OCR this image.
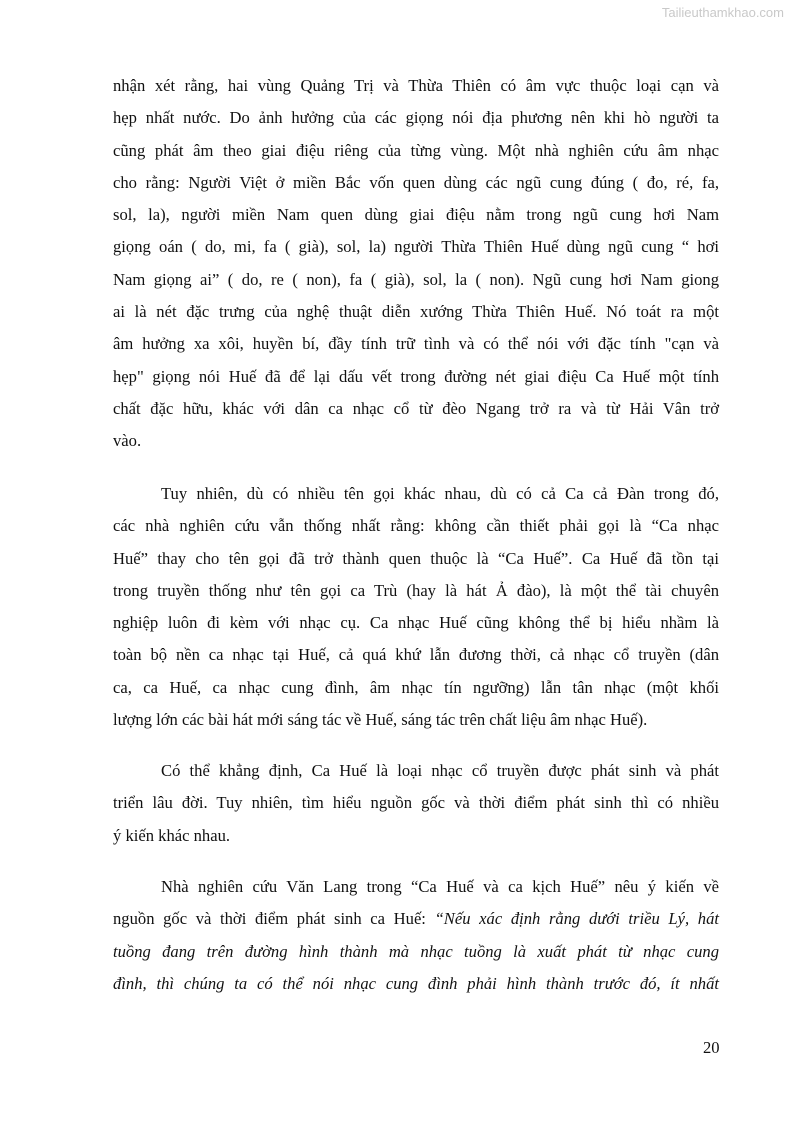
Tailieuthamkhao.com
nhận xét rằng, hai vùng Quảng Trị và Thừa Thiên có âm vực thuộc loại cạn và
hẹp nhất nước. Do ảnh hưởng của các giọng nói địa phương nên khi hò người ta
cũng phát âm theo giai điệu riêng của từng vùng. Một nhà nghiên cứu âm nhạc
cho rằng: Người Việt ở miền Bắc vốn quen dùng các ngũ cung đúng ( đo, ré, fa,
sol, la), người miền Nam quen dùng giai điệu nằm trong ngũ cung hơi Nam
giọng oán ( do, mi, fa ( già), sol, la) người Thừa Thiên Huế dùng ngũ cung “ hơi
Nam giọng ai” ( do, re ( non), fa ( già), sol, la ( non). Ngũ cung hơi Nam giong
ai là nét đặc trưng của nghệ thuật diễn xướng Thừa Thiên Huế. Nó toát ra một
âm hưởng xa xôi, huyền bí, đầy tính trữ tình và có thể nói với đặc tính "cạn và
hẹp" giọng nói Huế đã để lại dấu vết trong đường nét giai điệu Ca Huế một tính
chất đặc hữu, khác với dân ca nhạc cổ từ đèo Ngang trở ra và từ Hải Vân trở
vào.
Tuy nhiên, dù có nhiều tên gọi khác nhau, dù có cả Ca cả Đàn trong đó,
các nhà nghiên cứu vẫn thống nhất rằng: không cần thiết phải gọi là “Ca nhạc
Huế” thay cho tên gọi đã trở thành quen thuộc là “Ca Huế”. Ca Huế đã tồn tại
trong truyền thống như tên gọi ca Trù (hay là hát Ả đào), là một thể tài chuyên
nghiệp luôn đi kèm với nhạc cụ. Ca nhạc Huế cũng không thể bị hiểu nhầm là
toàn bộ nền ca nhạc tại Huế, cả quá khứ lẫn đương thời, cả nhạc cổ truyền (dân
ca, ca Huế, ca nhạc cung đình, âm nhạc tín ngưỡng) lẫn tân nhạc (một khối
lượng lớn các bài hát mới sáng tác về Huế, sáng tác trên chất liệu âm nhạc Huế).
Có thể khẳng định, Ca Huế là loại nhạc cổ truyền được phát sinh và phát
triển lâu đời. Tuy nhiên, tìm hiểu nguồn gốc và thời điểm phát sinh thì có nhiều
ý kiến khác nhau.
Nhà nghiên cứu Văn Lang trong “Ca Huế và ca kịch Huế” nêu ý kiến về
nguồn gốc và thời điểm phát sinh ca Huế: “Nếu xác định rằng dưới triều Lý, hát
tuồng đang trên đường hình thành mà nhạc tuồng là xuất phát từ nhạc cung
đình, thì chúng ta có thể nói nhạc cung đình phải hình thành trước đó, ít nhất
20
